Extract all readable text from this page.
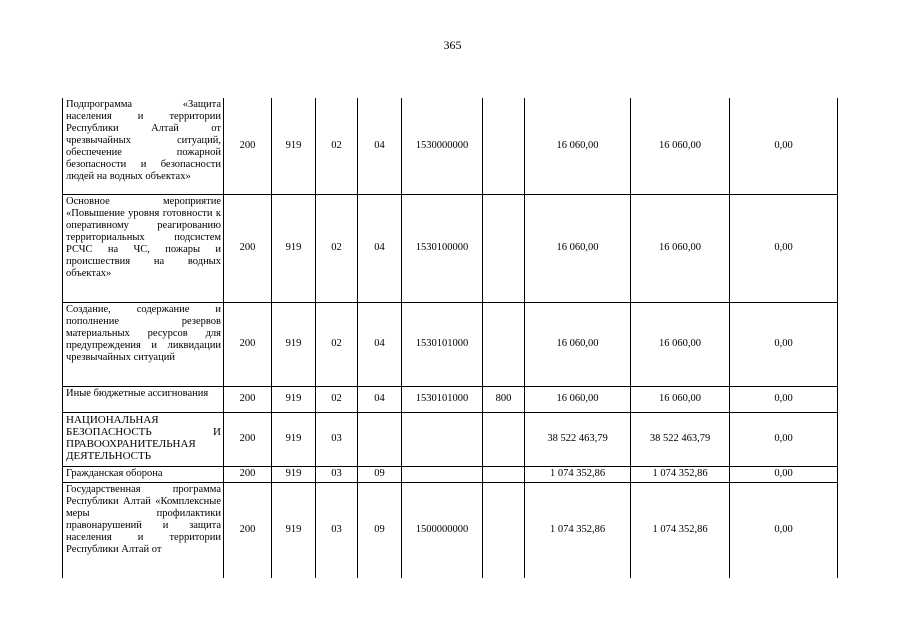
365
Подпрограмма «Защита населения и территории Республики Алтай от чрезвычайных ситуаций, обеспечение пожарной безопасности и безопасности людей на водных объектах»	200	919	02	04	1530000000		16 060,00	16 060,00	0,00
Основное мероприятие «Повышение уровня готовности к оперативному реагированию территориальных подсистем РСЧС на ЧС, пожары и происшествия на водных объектах»	200	919	02	04	1530100000		16 060,00	16 060,00	0,00
Создание, содержание и пополнение резервов материальных ресурсов для предупреждения и ликвидации чрезвычайных ситуаций	200	919	02	04	1530101000		16 060,00	16 060,00	0,00
Иные бюджетные ассигнования	200	919	02	04	1530101000	800	16 060,00	16 060,00	0,00
НАЦИОНАЛЬНАЯ БЕЗОПАСНОСТЬ И ПРАВООХРАНИТЕЛЬНАЯ ДЕЯТЕЛЬНОСТЬ	200	919	03				38 522 463,79	38 522 463,79	0,00
Гражданская оборона	200	919	03	09			1 074 352,86	1 074 352,86	0,00
Государственная программа Республики Алтай «Комплексные меры профилактики правонарушений и защита населения и территории Республики Алтай от	200	919	03	09	1500000000		1 074 352,86	1 074 352,86	0,00
